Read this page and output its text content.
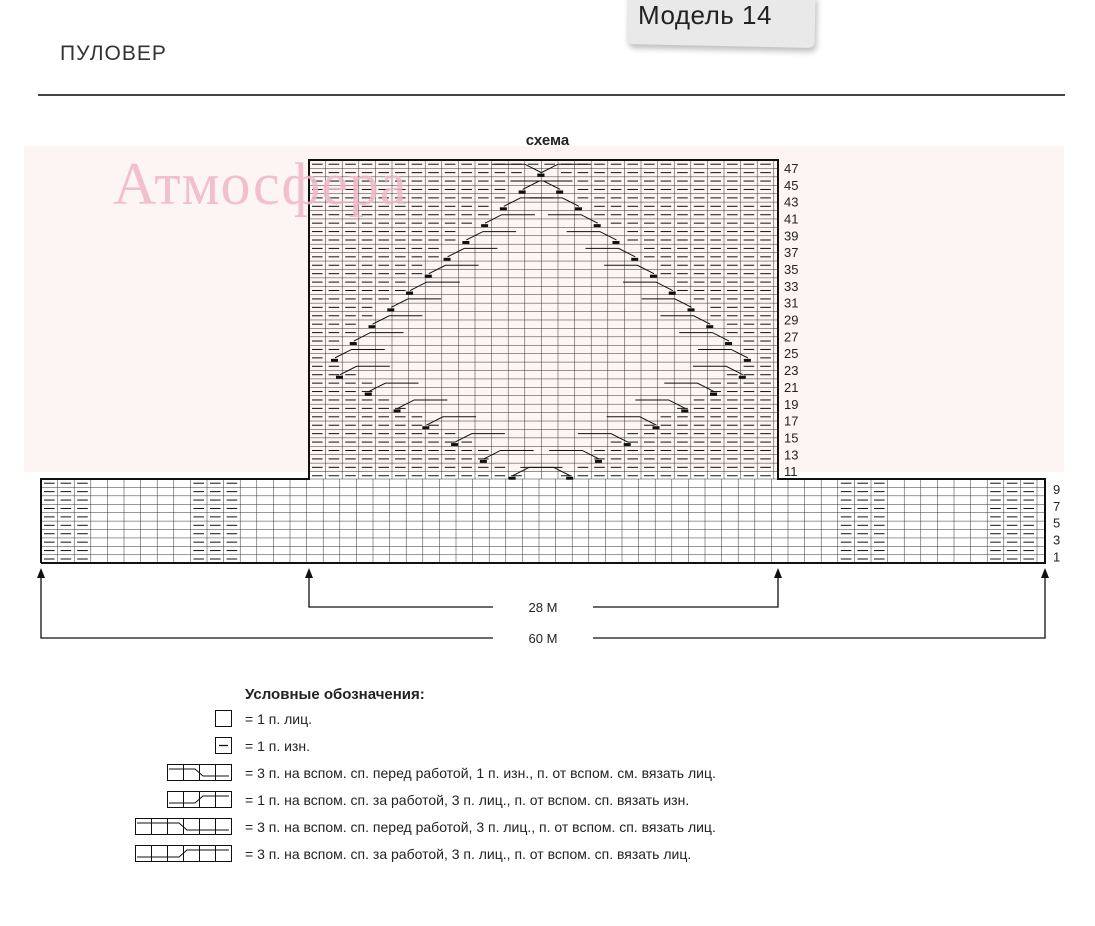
Модель 14
ПУЛОВЕР
схема
47
45
43
41
39
37
35
33
31
29
27
25
23
21
19
17
15
13
11
9
7
5
3
1
Атмосфера
28 М
60 М
Условные обозначения:
= 1 п. лиц.
= 1 п. изн.
= 3 п. на вспом. сп. перед работой, 1 п. изн., п. от вспом. см. вязать лиц.
= 1 п. на вспом. сп. за работой, 3 п. лиц., п. от вспом. сп. вязать изн.
= 3 п. на вспом. сп. перед работой, 3 п. лиц., п. от вспом. сп. вязать лиц.
= 3 п. на вспом. сп. за работой, 3 п. лиц., п. от вспом. сп. вязать лиц.
